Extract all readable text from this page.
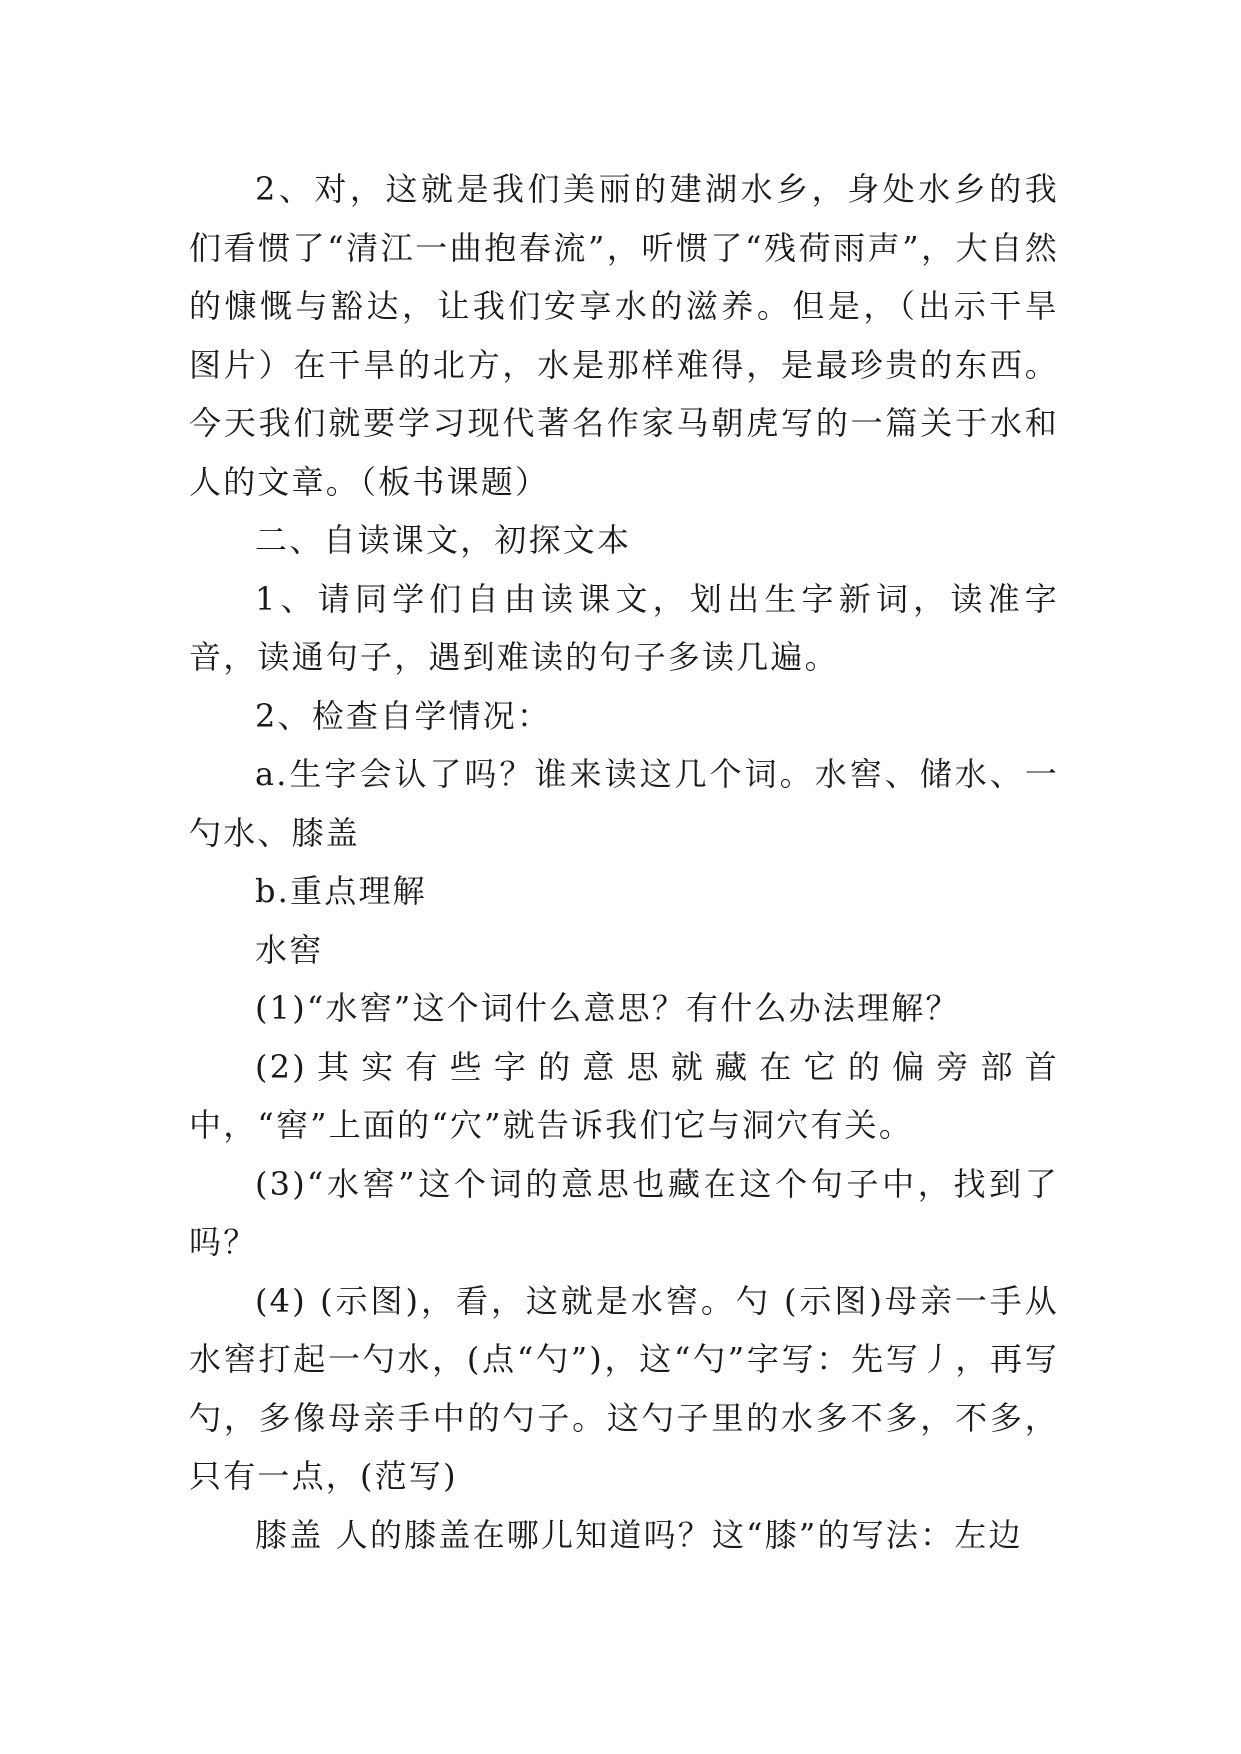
2、对，这就是我们美丽的建湖水乡，身处水乡的我们看惯了“清江一曲抱春流”，听惯了“残荷雨声”，大自然的慷慨与豁达，让我们安享水的滋养。但是，（出示干旱图片）在干旱的北方，水是那样难得，是最珍贵的东西。今天我们就要学习现代著名作家马朝虎写的一篇关于水和人的文章。（板书课题）

二、自读课文，初探文本

1、请同学们自由读课文，划出生字新词，读准字音，读通句子，遇到难读的句子多读几遍。

2、检查自学情况：

a.生字会认了吗？谁来读这几个词。水窖、储水、一勺水、膝盖

b.重点理解

水窖

(1)“水窖”这个词什么意思？有什么办法理解？

(2)其实有些字的意思就藏在它的偏旁部首中，“窖”上面的“穴”就告诉我们它与洞穴有关。

(3)“水窖”这个词的意思也藏在这个句子中，找到了吗？

(4) (示图)，看，这就是水窖。勺 (示图)母亲一手从水窖打起一勺水，(点“勺”)，这“勺”字写：先写丿，再写勺，多像母亲手中的勺子。这勺子里的水多不多，不多，只有一点，(范写)

膝盖 人的膝盖在哪儿知道吗？这“膝”的写法：左边
